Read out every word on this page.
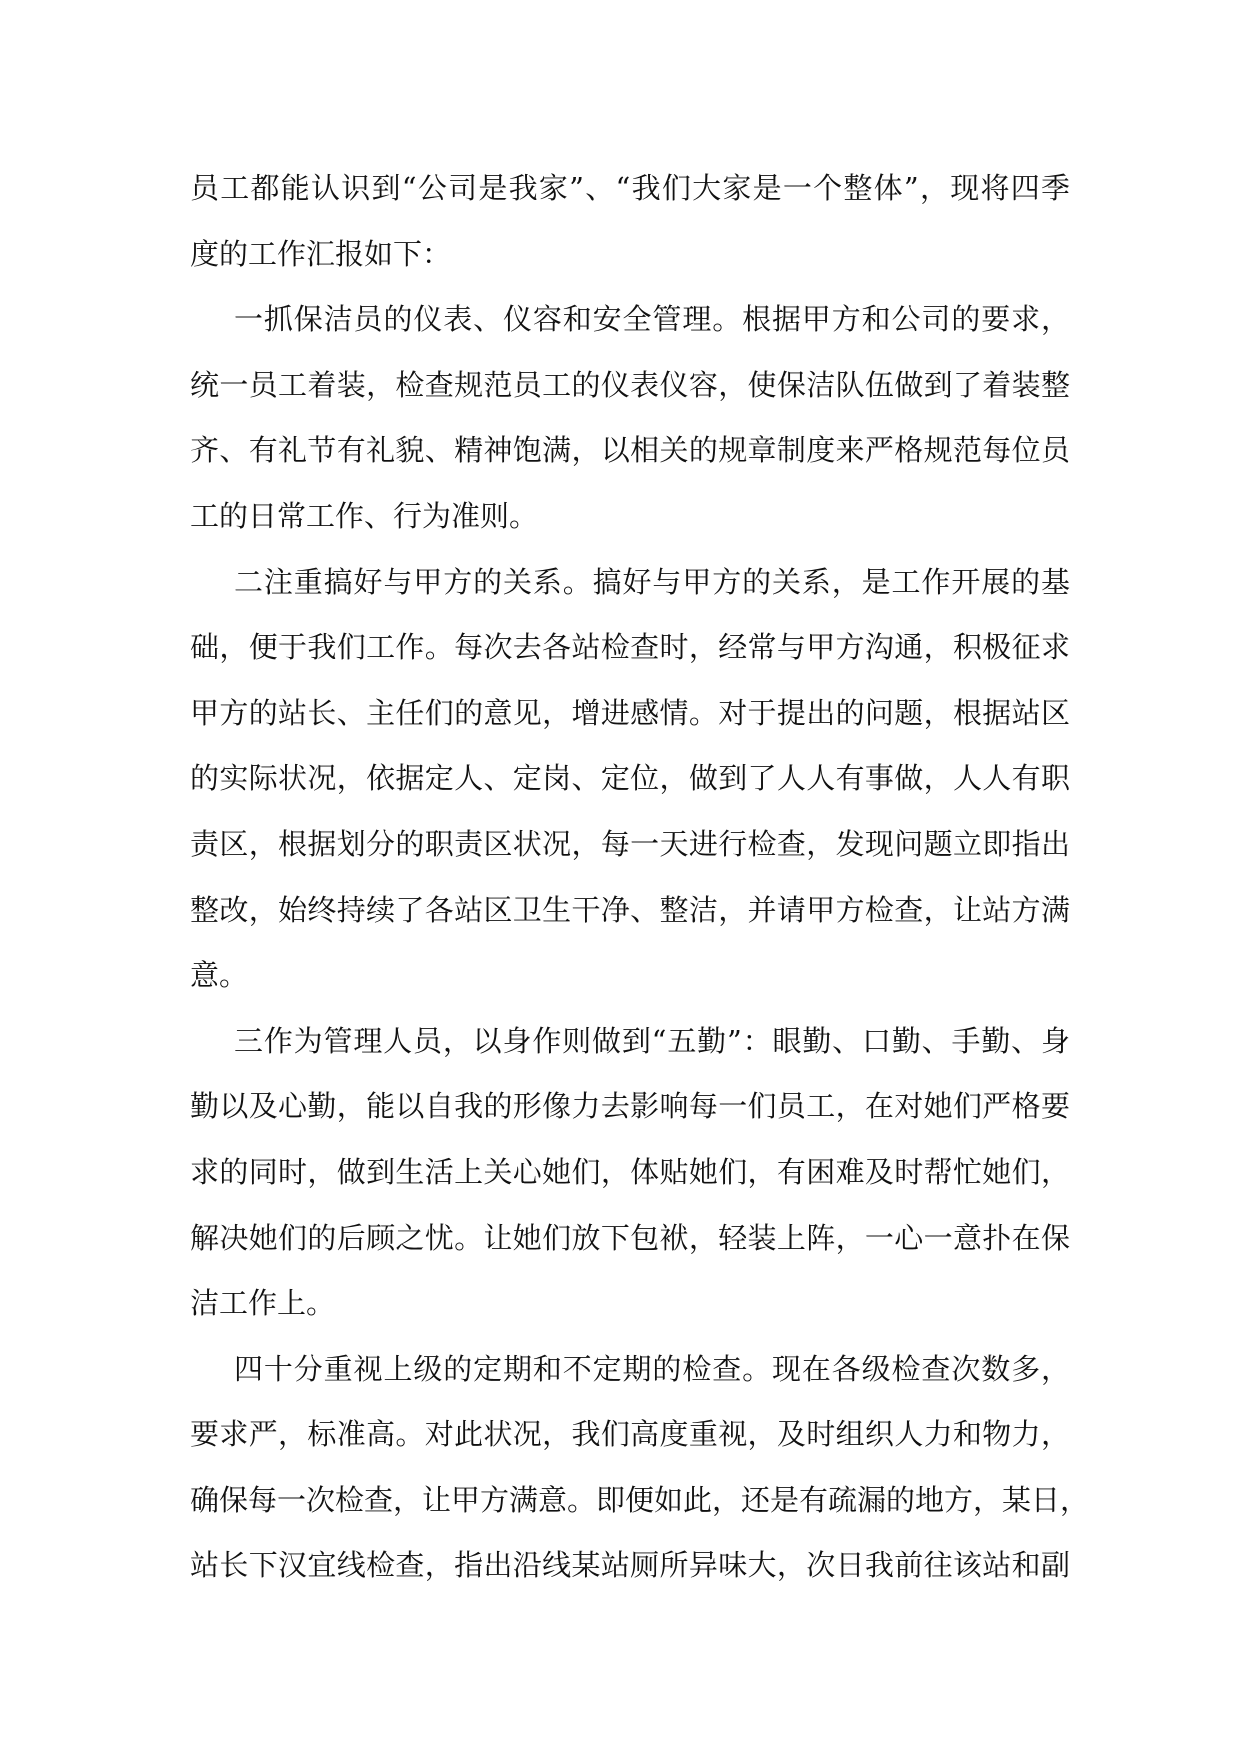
员工都能认识到“公司是我家”、“我们大家是一个整体”，现将四季
度的工作汇报如下：
一抓保洁员的仪表、仪容和安全管理。根据甲方和公司的要求，
统一员工着装，检查规范员工的仪表仪容，使保洁队伍做到了着装整
齐、有礼节有礼貌、精神饱满，以相关的规章制度来严格规范每位员
工的日常工作、行为准则。
二注重搞好与甲方的关系。搞好与甲方的关系，是工作开展的基
础，便于我们工作。每次去各站检查时，经常与甲方沟通，积极征求
甲方的站长、主任们的意见，增进感情。对于提出的问题，根据站区
的实际状况，依据定人、定岗、定位，做到了人人有事做，人人有职
责区，根据划分的职责区状况，每一天进行检查，发现问题立即指出
整改，始终持续了各站区卫生干净、整洁，并请甲方检查，让站方满
意。
三作为管理人员，以身作则做到“五勤”：眼勤、口勤、手勤、身
勤以及心勤，能以自我的形像力去影响每一们员工，在对她们严格要
求的同时，做到生活上关心她们，体贴她们，有困难及时帮忙她们，
解决她们的后顾之忧。让她们放下包袱，轻装上阵，一心一意扑在保
洁工作上。
四十分重视上级的定期和不定期的检查。现在各级检查次数多，
要求严，标准高。对此状况，我们高度重视，及时组织人力和物力，
确保每一次检查，让甲方满意。即便如此，还是有疏漏的地方，某日，
站长下汉宜线检查，指出沿线某站厕所异味大，次日我前往该站和副
